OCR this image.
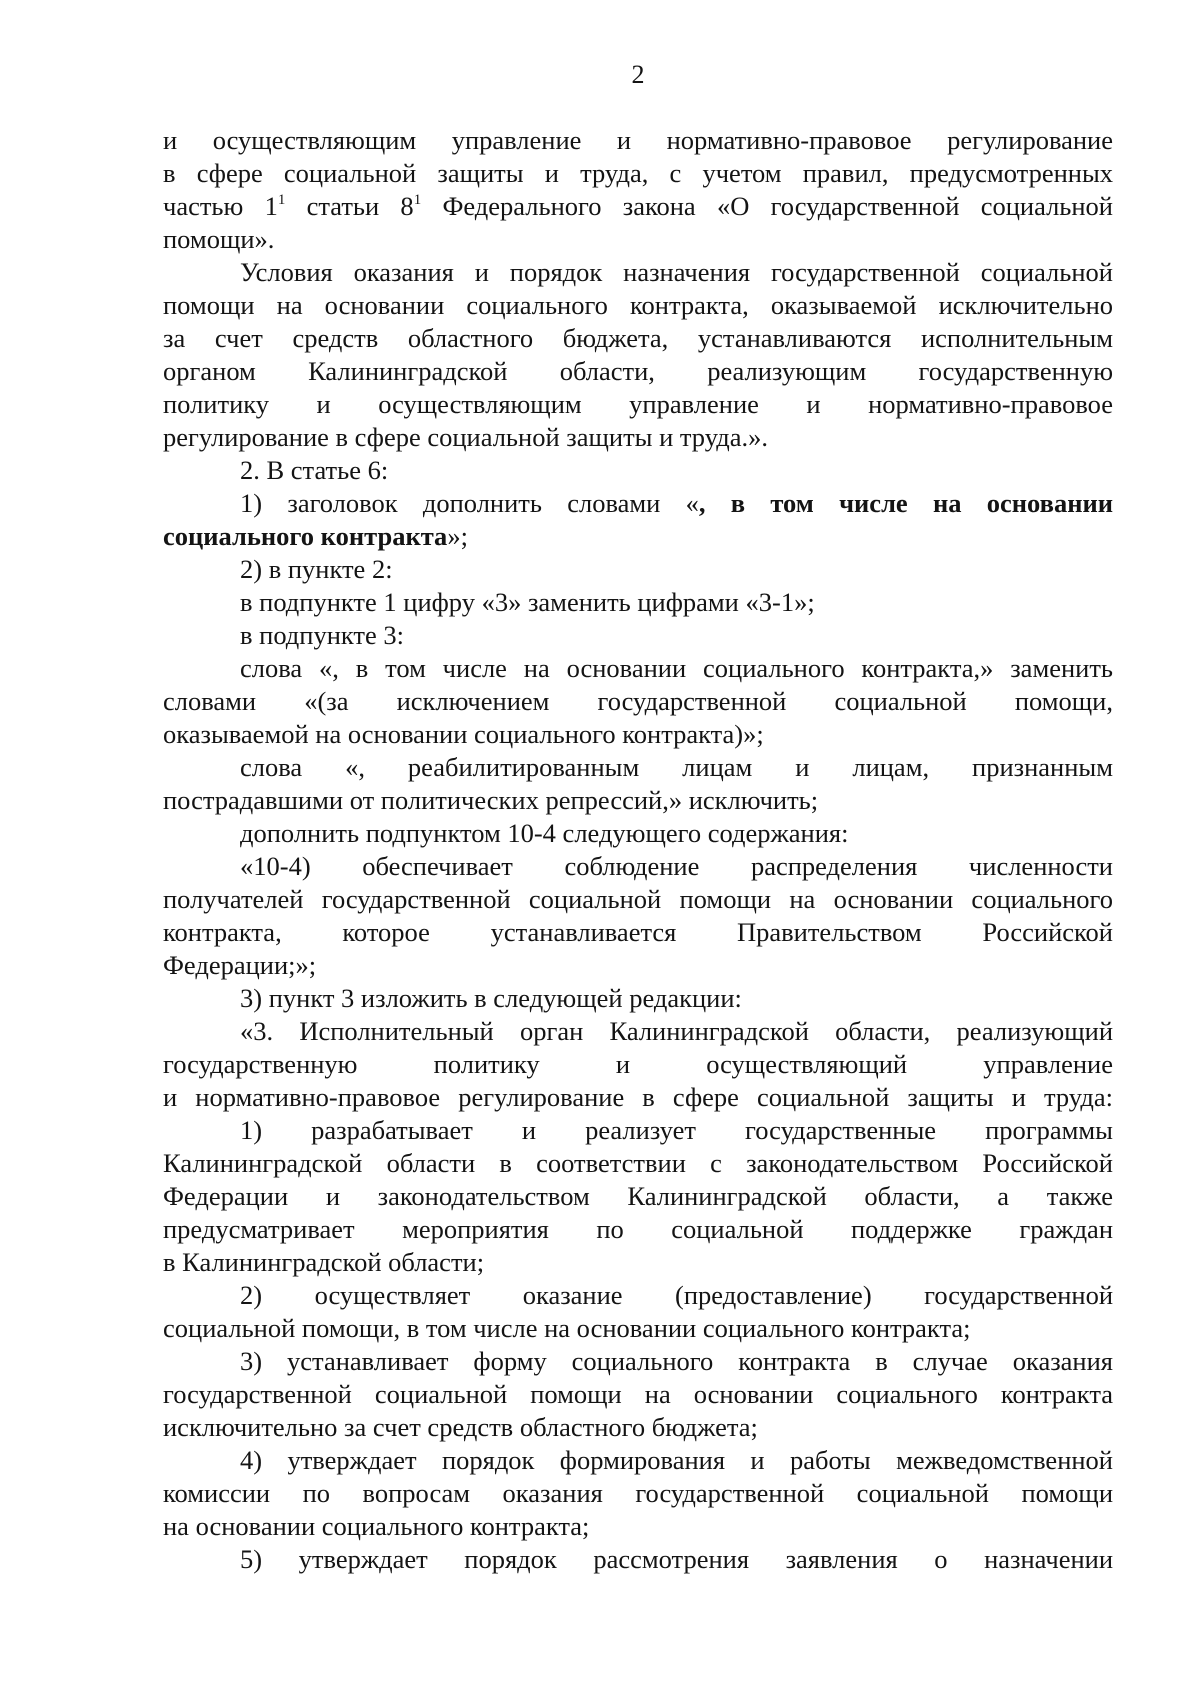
2
и осуществляющим управление и нормативно-правовое регулирование
в сфере социальной защиты и труда, с учетом правил, предусмотренных
частью $1^1$ статьи $8^1$ Федерального закона «О государственной социальной
помощи».
Условия оказания и порядок назначения государственной социальной
помощи на основании социального контракта, оказываемой исключительно
за счет средств областного бюджета, устанавливаются исполнительным
органом Калининградской области, реализующим государственную
политику и осуществляющим управление и нормативно-правовое
регулирование в сфере социальной защиты и труда.».
2. В статье 6:
1) заголовок дополнить словами «, в том числе на основании
социального контракта»;
2) в пункте 2:
в подпункте 1 цифру «3» заменить цифрами «3-1»;
в подпункте 3:
слова «, в том числе на основании социального контракта,» заменить
словами «(за исключением государственной социальной помощи,
оказываемой на основании социального контракта)»;
слова «, реабилитированным лицам и лицам, признанным
пострадавшими от политических репрессий,» исключить;
дополнить подпунктом 10-4 следующего содержания:
«10-4) обеспечивает соблюдение распределения численности
получателей государственной социальной помощи на основании социального
контракта, которое устанавливается Правительством Российской
Федерации;»;
3) пункт 3 изложить в следующей редакции:
«3. Исполнительный орган Калининградской области, реализующий
государственную политику и осуществляющий управление
и нормативно-правовое регулирование в сфере социальной защиты и труда:
1) разрабатывает и реализует государственные программы
Калининградской области в соответствии с законодательством Российской
Федерации и законодательством Калининградской области, а также
предусматривает мероприятия по социальной поддержке граждан
в Калининградской области;
2) осуществляет оказание (предоставление) государственной
социальной помощи, в том числе на основании социального контракта;
3) устанавливает форму социального контракта в случае оказания
государственной социальной помощи на основании социального контракта
исключительно за счет средств областного бюджета;
4) утверждает порядок формирования и работы межведомственной
комиссии по вопросам оказания государственной социальной помощи
на основании социального контракта;
5) утверждает порядок рассмотрения заявления о назначении
